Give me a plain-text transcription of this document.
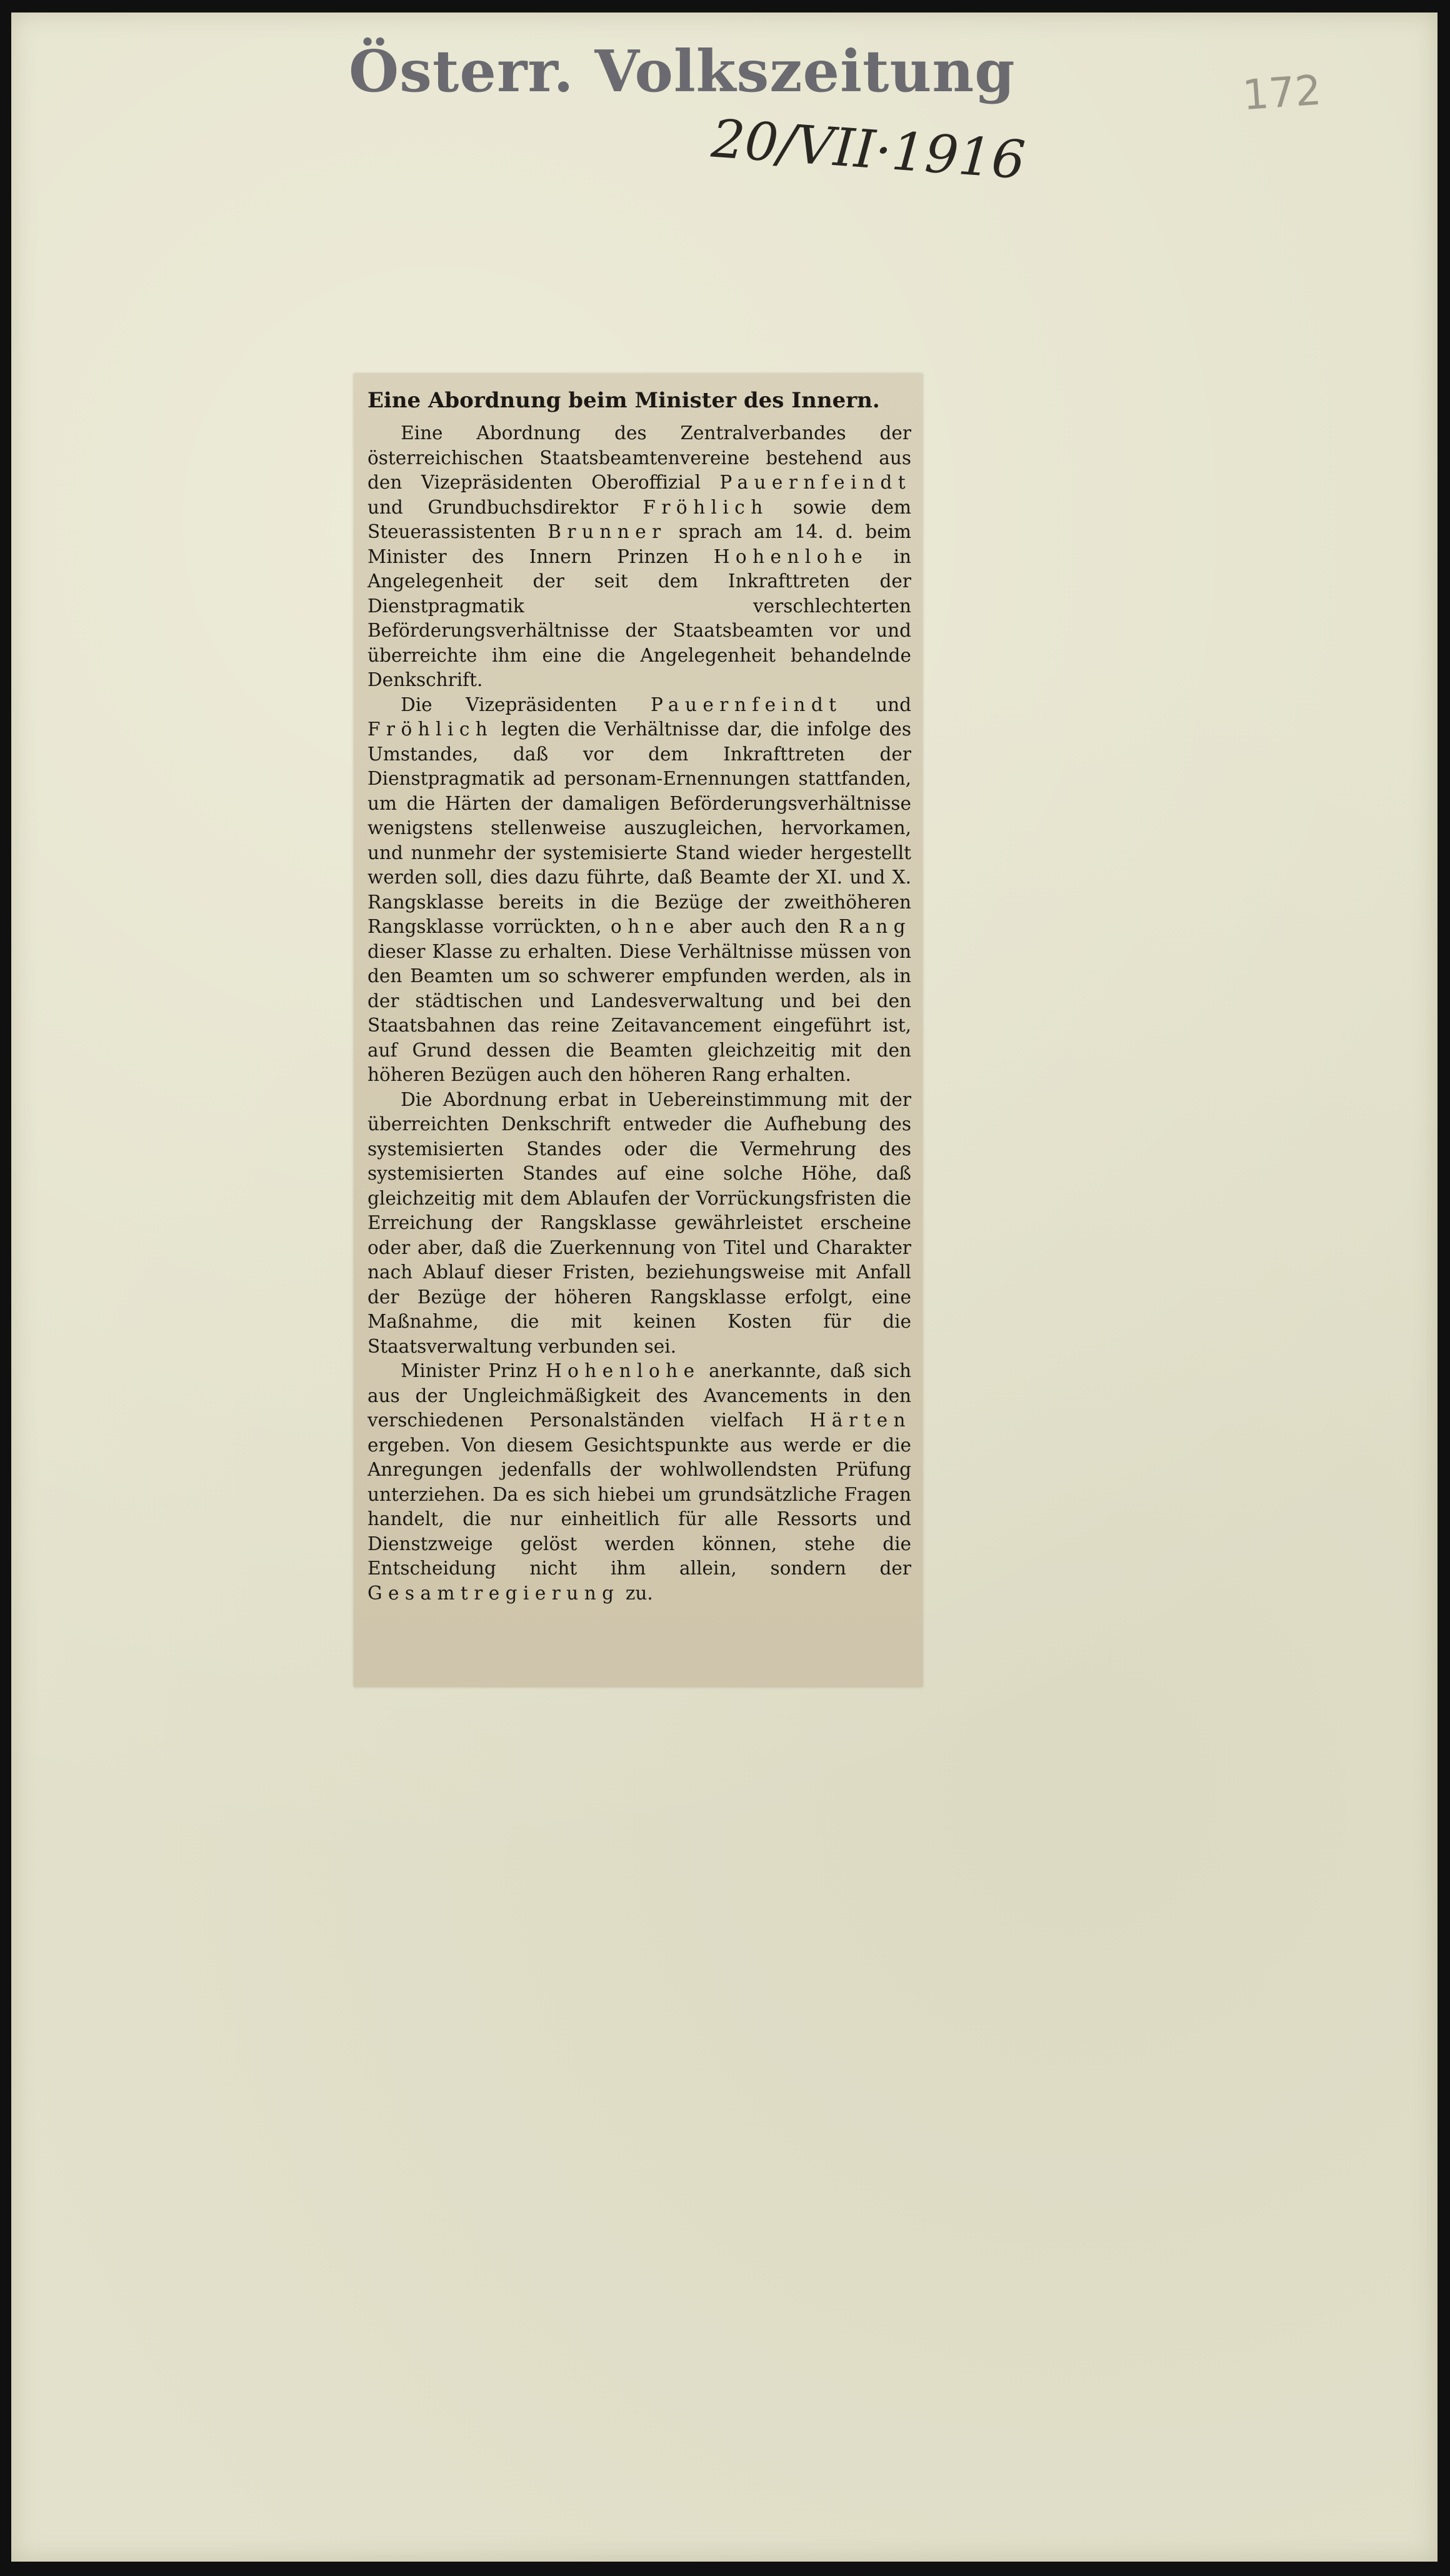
Österr. Volkszeitung

20/VII·1916

172

Eine Abordnung beim Minister des Innern.

Eine Abordnung des Zentralverbandes der österreichischen Staatsbeamtenvereine bestehend aus den Vizepräsidenten Oberoffizial Pauernfeindt und Grundbuchsdirektor Fröhlich sowie dem Steuerassistenten Brunner sprach am 14. d. beim Minister des Innern Prinzen Hohenlohe in Angelegenheit der seit dem Inkrafttreten der Dienstpragmatik verschlechterten Beförderungsverhältnisse der Staatsbeamten vor und überreichte ihm eine die Angelegenheit behandelnde Denkschrift.

Die Vizepräsidenten Pauernfeindt und Fröhlich legten die Verhältnisse dar, die infolge des Umstandes, daß vor dem Inkrafttreten der Dienstpragmatik ad personam-Ernennungen stattfanden, um die Härten der damaligen Beförderungsverhältnisse wenigstens stellenweise auszugleichen, hervorkamen, und nunmehr der systemisierte Stand wieder hergestellt werden soll, dies dazu führte, daß Beamte der XI. und X. Rangsklasse bereits in die Bezüge der zweithöheren Rangsklasse vorrückten, ohne aber auch den Rang dieser Klasse zu erhalten. Diese Verhältnisse müssen von den Beamten um so schwerer empfunden werden, als in der städtischen und Landesverwaltung und bei den Staatsbahnen das reine Zeitavancement eingeführt ist, auf Grund dessen die Beamten gleichzeitig mit den höheren Bezügen auch den höheren Rang erhalten.

Die Abordnung erbat in Uebereinstimmung mit der überreichten Denkschrift entweder die Aufhebung des systemisierten Standes oder die Vermehrung des systemisierten Standes auf eine solche Höhe, daß gleichzeitig mit dem Ablaufen der Vorrückungsfristen die Erreichung der Rangsklasse gewährleistet erscheine oder aber, daß die Zuerkennung von Titel und Charakter nach Ablauf dieser Fristen, beziehungsweise mit Anfall der Bezüge der höheren Rangsklasse erfolgt, eine Maßnahme, die mit keinen Kosten für die Staatsverwaltung verbunden sei.

Minister Prinz Hohenlohe anerkannte, daß sich aus der Ungleichmäßigkeit des Avancements in den verschiedenen Personalständen vielfach Härten ergeben. Von diesem Gesichtspunkte aus werde er die Anregungen jedenfalls der wohlwollendsten Prüfung unterziehen. Da es sich hiebei um grundsätzliche Fragen handelt, die nur einheitlich für alle Ressorts und Dienstzweige gelöst werden können, stehe die Entscheidung nicht ihm allein, sondern der Gesamtregierung zu.
